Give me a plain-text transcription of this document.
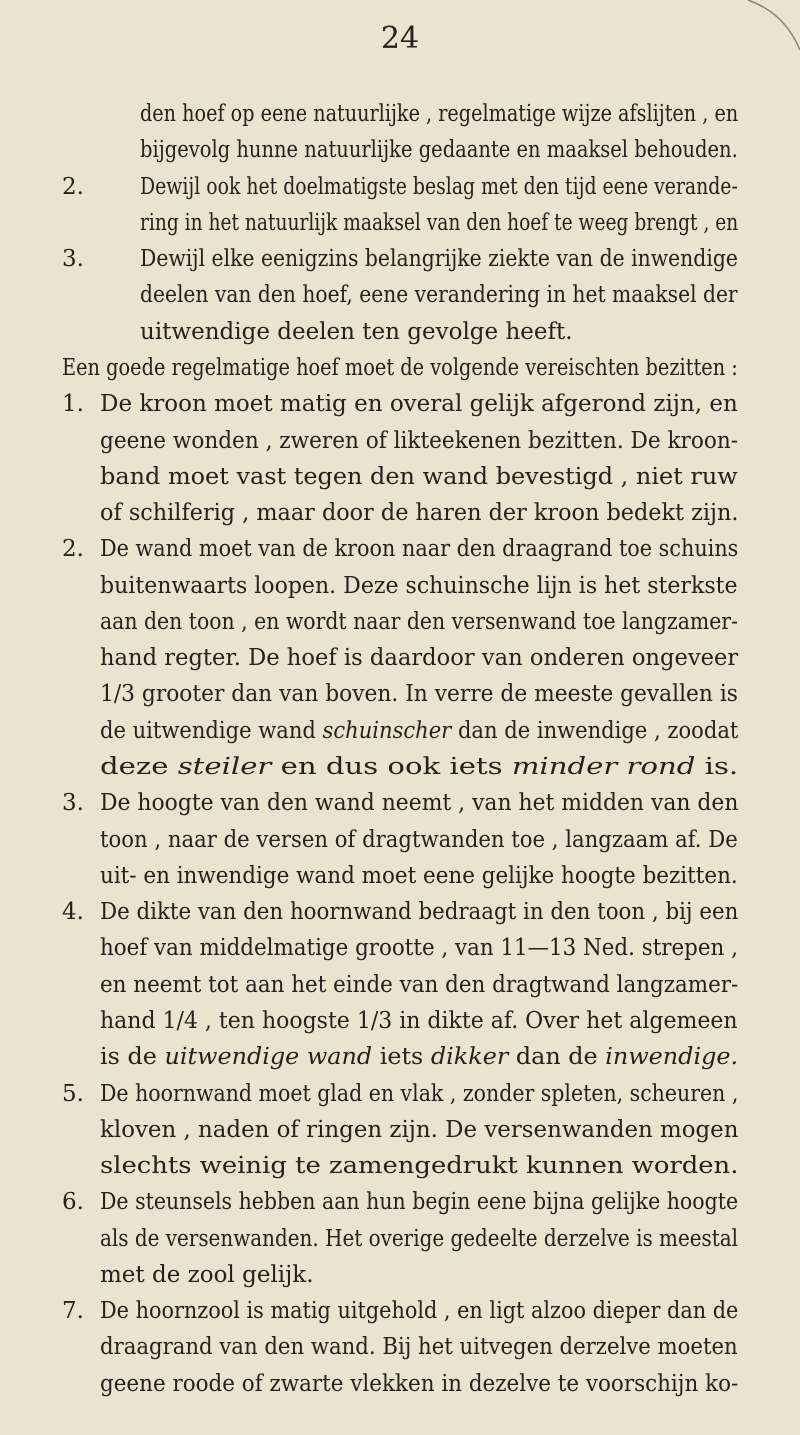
24
den hoef op eene natuurlijke , regelmatige wijze afslijten , en
bijgevolg hunne natuurlijke gedaante en maaksel behouden.
Dewijl ook het doelmatigste beslag met den tijd eene verande-
2.
ring in het natuurlijk maaksel van den hoef te weeg brengt , en
Dewijl elke eenigzins belangrijke ziekte van de inwendige
3.
deelen van den hoef, eene verandering in het maaksel der
uitwendige deelen ten gevolge heeft.
Een goede regelmatige hoef moet de volgende vereischten bezitten :
De kroon moet matig en overal gelijk afgerond zijn, en
1.
geene wonden , zweren of likteekenen bezitten. De kroon-
band moet vast tegen den wand bevestigd , niet ruw
of schilferig , maar door de haren der kroon bedekt zijn.
De wand moet van de kroon naar den draagrand toe schuins
2.
buitenwaarts loopen. Deze schuinsche lijn is het sterkste
aan den toon , en wordt naar den versenwand toe langzamer-
hand regter. De hoef is daardoor van onderen ongeveer
1/3 grooter dan van boven. In verre de meeste gevallen is
de uitwendige wand schuinscher dan de inwendige , zoodat
deze steiler en dus ook iets minder rond is.
De hoogte van den wand neemt , van het midden van den
3.
toon , naar de versen of dragtwanden toe , langzaam af. De
uit- en inwendige wand moet eene gelijke hoogte bezitten.
De dikte van den hoornwand bedraagt in den toon , bij een
4.
hoef van middelmatige grootte , van 11—13 Ned. strepen ,
en neemt tot aan het einde van den dragtwand langzamer-
hand 1/4 , ten hoogste 1/3 in dikte af. Over het algemeen
is de uitwendige wand iets dikker dan de inwendige.
De hoornwand moet glad en vlak , zonder spleten, scheuren ,
5.
kloven , naden of ringen zijn. De versenwanden mogen
slechts weinig te zamengedrukt kunnen worden.
De steunsels hebben aan hun begin eene bijna gelijke hoogte
6.
als de versenwanden. Het overige gedeelte derzelve is meestal
met de zool gelijk.
De hoornzool is matig uitgehold , en ligt alzoo dieper dan de
7.
draagrand van den wand. Bij het uitvegen derzelve moeten
geene roode of zwarte vlekken in dezelve te voorschijn ko-
